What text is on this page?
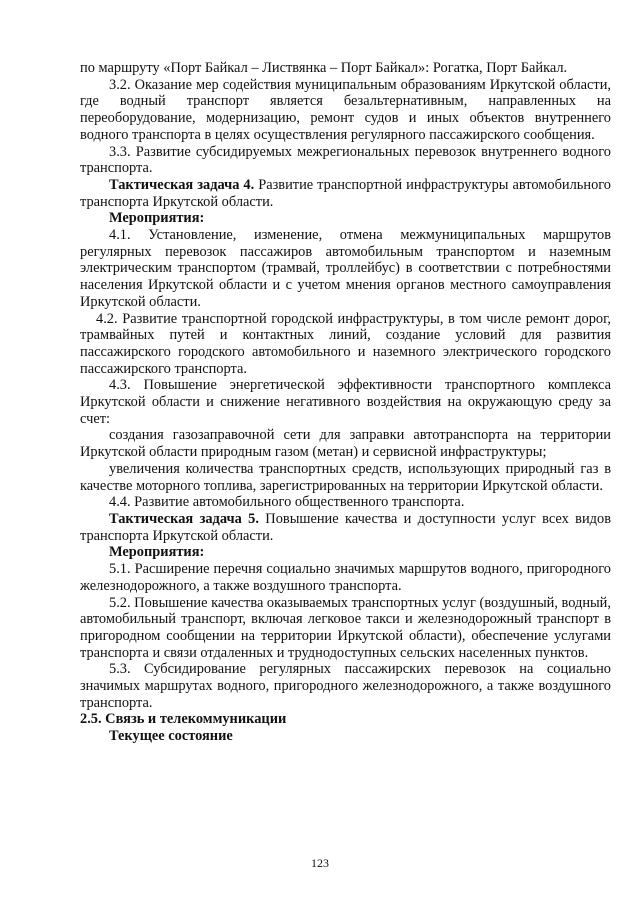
по маршруту «Порт Байкал – Листвянка – Порт Байкал»: Рогатка, Порт Байкал.

3.2. Оказание мер содействия муниципальным образованиям Иркутской области, где водный транспорт является безальтернативным, направленных на переоборудование, модернизацию, ремонт судов и иных объектов внутреннего водного транспорта в целях осуществления регулярного пассажирского сообщения.

3.3. Развитие субсидируемых межрегиональных перевозок внутреннего водного транспорта.

Тактическая задача 4. Развитие транспортной инфраструктуры автомобильного транспорта Иркутской области.

Мероприятия:

4.1. Установление, изменение, отмена межмуниципальных маршрутов регулярных перевозок пассажиров автомобильным транспортом и наземным электрическим транспортом (трамвай, троллейбус) в соответствии с потребностями населения Иркутской области и с учетом мнения органов местного самоуправления Иркутской области.

4.2. Развитие транспортной городской инфраструктуры, в том числе ремонт дорог, трамвайных путей и контактных линий, создание условий для развития пассажирского городского автомобильного и наземного электрического городского пассажирского транспорта.

4.3. Повышение энергетической эффективности транспортного комплекса Иркутской области и снижение негативного воздействия на окружающую среду за счет:

создания газозаправочной сети для заправки автотранспорта на территории Иркутской области природным газом (метан) и сервисной инфраструктуры;

увеличения количества транспортных средств, использующих природный газ в качестве моторного топлива, зарегистрированных на территории Иркутской области.

4.4. Развитие автомобильного общественного транспорта.

Тактическая задача 5. Повышение качества и доступности услуг всех видов транспорта Иркутской области.

Мероприятия:

5.1. Расширение перечня социально значимых маршрутов водного, пригородного железнодорожного, а также воздушного транспорта.

5.2. Повышение качества оказываемых транспортных услуг (воздушный, водный, автомобильный транспорт, включая легковое такси и железнодорожный транспорт в пригородном сообщении на территории Иркутской области), обеспечение услугами транспорта и связи отдаленных и труднодоступных сельских населенных пунктов.

5.3. Субсидирование регулярных пассажирских перевозок на социально значимых маршрутах водного, пригородного железнодорожного, а также воздушного транспорта.

2.5. Связь и телекоммуникации

Текущее состояние

123
